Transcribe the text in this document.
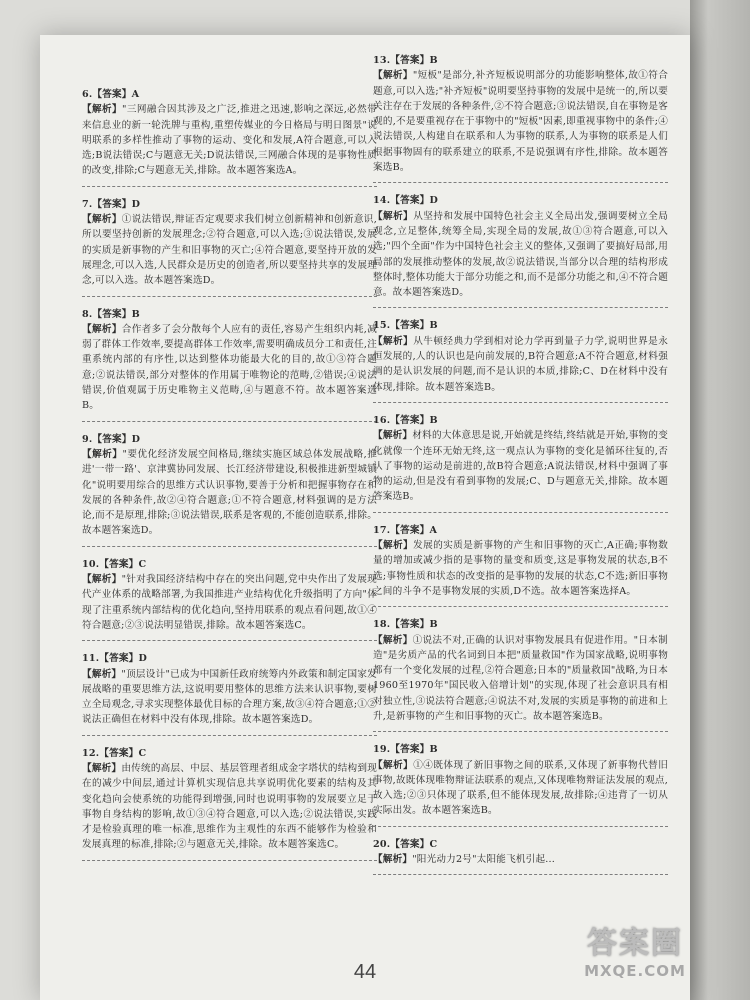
6.【答案】A

【解析】"三网融合因其涉及之广泛,推进之迅速,影响之深远,必然带来信息业的新一轮洗牌与重构,重塑传媒业的今日格局与明日图景"说明联系的多样性推动了事物的运动、变化和发展,A符合题意,可以入选;B说法错误;C与题意无关;D说法错误,三网融合体现的是事物性质的改变,排除;C与题意无关,排除。故本题答案选A。

7.【答案】D

【解析】①说法错误,辩证否定观要求我们树立创新精神和创新意识,所以要坚持创新的发展理念;②符合题意,可以入选;③说法错误,发展的实质是新事物的产生和旧事物的灭亡;④符合题意,要坚持开放的发展理念,可以入选,人民群众是历史的创造者,所以要坚持共享的发展理念,可以入选。故本题答案选D。

8.【答案】B

【解析】合作者多了会分散每个人应有的责任,容易产生组织内耗,减弱了群体工作效率,要提高群体工作效率,需要明确成员分工和责任,注重系统内部的有序性,以达到整体功能最大化的目的,故①③符合题意;②说法错误,部分对整体的作用属于唯物论的范畴,②错误;④说法错误,价值观属于历史唯物主义范畴,④与题意不符。故本题答案选B。

9.【答案】D

【解析】"要优化经济发展空间格局,继续实施区域总体发展战略,推进'一带一路'、京津冀协同发展、长江经济带建设,积极推进新型城镇化"说明要用综合的思维方式认识事物,要善于分析和把握事物存在和发展的各种条件,故②④符合题意;①不符合题意,材料强调的是方法论,而不是原理,排除;③说法错误,联系是客观的,不能创造联系,排除。故本题答案选D。

10.【答案】C

【解析】"针对我国经济结构中存在的突出问题,党中央作出了发展现代产业体系的战略部署,为我国推进产业结构优化升级指明了方向"体现了注重系统内部结构的优化趋向,坚持用联系的观点看问题,故①④符合题意;②③说法明显错误,排除。故本题答案选C。

11.【答案】D

【解析】"顶层设计"已成为中国新任政府统筹内外政策和制定国家发展战略的重要思维方法,这说明要用整体的思维方法来认识事物,要树立全局观念,寻求实现整体最优目标的合理方案,故③④符合题意;①②说法正确但在材料中没有体现,排除。故本题答案选D。

12.【答案】C

【解析】由传统的高层、中层、基层管理者组成金字塔状的结构到现在的减少中间层,通过计算机实现信息共享说明优化要素的结构及其变化趋向会使系统的功能得到增强,同时也说明事物的发展要立足于事物自身结构的影响,故①③④符合题意,可以入选;②说法错误,实践才是检验真理的唯一标准,思维作为主观性的东西不能够作为检验和发展真理的标准,排除;②与题意无关,排除。故本题答案选C。

13.【答案】B

【解析】"短板"是部分,补齐短板说明部分的功能影响整体,故①符合题意,可以入选;"补齐短板"说明要坚持事物的发展中是统一的,所以要关注存在于发展的各种条件,②不符合题意;③说法错误,自在事物是客观的,不是要重视存在于事物中的"短板"因素,即重视事物中的条件;④说法错误,人构建自在联系和人为事物的联系,人为事物的联系是人们根据事物固有的联系建立的联系,不是说强调有序性,排除。故本题答案选B。

14.【答案】D

【解析】从坚持和发展中国特色社会主义全局出发,强调要树立全局观念,立足整体,统筹全局,实现全局的发展,故①③符合题意,可以入选;"四个全面"作为中国特色社会主义的整体,又强调了要搞好局部,用局部的发展推动整体的发展,故②说法错误,当部分以合理的结构形成整体时,整体功能大于部分功能之和,而不是部分功能之和,④不符合题意。故本题答案选D。

15.【答案】B

【解析】从牛顿经典力学到相对论力学再到量子力学,说明世界是永恒发展的,人的认识也是向前发展的,B符合题意;A不符合题意,材料强调的是认识发展的问题,而不是认识的本质,排除;C、D在材料中没有体现,排除。故本题答案选B。

16.【答案】B

【解析】材料的大体意思是说,开始就是终结,终结就是开始,事物的变化就像一个连环无始无终,这一观点认为事物的变化是循环往复的,否认了事物的运动是前进的,故B符合题意;A说法错误,材料中强调了事物的运动,但是没有看到事物的发展;C、D与题意无关,排除。故本题答案选B。

17.【答案】A

【解析】发展的实质是新事物的产生和旧事物的灭亡,A正确;事物数量的增加或减少指的是事物的量变和质变,这是事物发展的状态,B不选;事物性质和状态的改变指的是事物的发展的状态,C不选;新旧事物之间的斗争不是事物发展的实质,D不选。故本题答案选择A。

18.【答案】B

【解析】①说法不对,正确的认识对事物发展具有促进作用。"日本制造"是劣质产品的代名词到日本把"质量救国"作为国家战略,说明事物都有一个变化发展的过程,②符合题意;日本的"质量救国"战略,为日本1960至1970年"国民收入倍增计划"的实现,体现了社会意识具有相对独立性,③说法符合题意;④说法不对,发展的实质是事物的前进和上升,是新事物的产生和旧事物的灭亡。故本题答案选B。

19.【答案】B

【解析】①④既体现了新旧事物之间的联系,又体现了新事物代替旧事物,故既体现唯物辩证法联系的观点,又体现唯物辩证法发展的观点,故入选;②③只体现了联系,但不能体现发展,故排除;④违背了一切从实际出发。故本题答案选B。

20.【答案】C

【解析】"阳光动力2号"太阳能飞机引起...

44
答案圈
MXQE.COM
